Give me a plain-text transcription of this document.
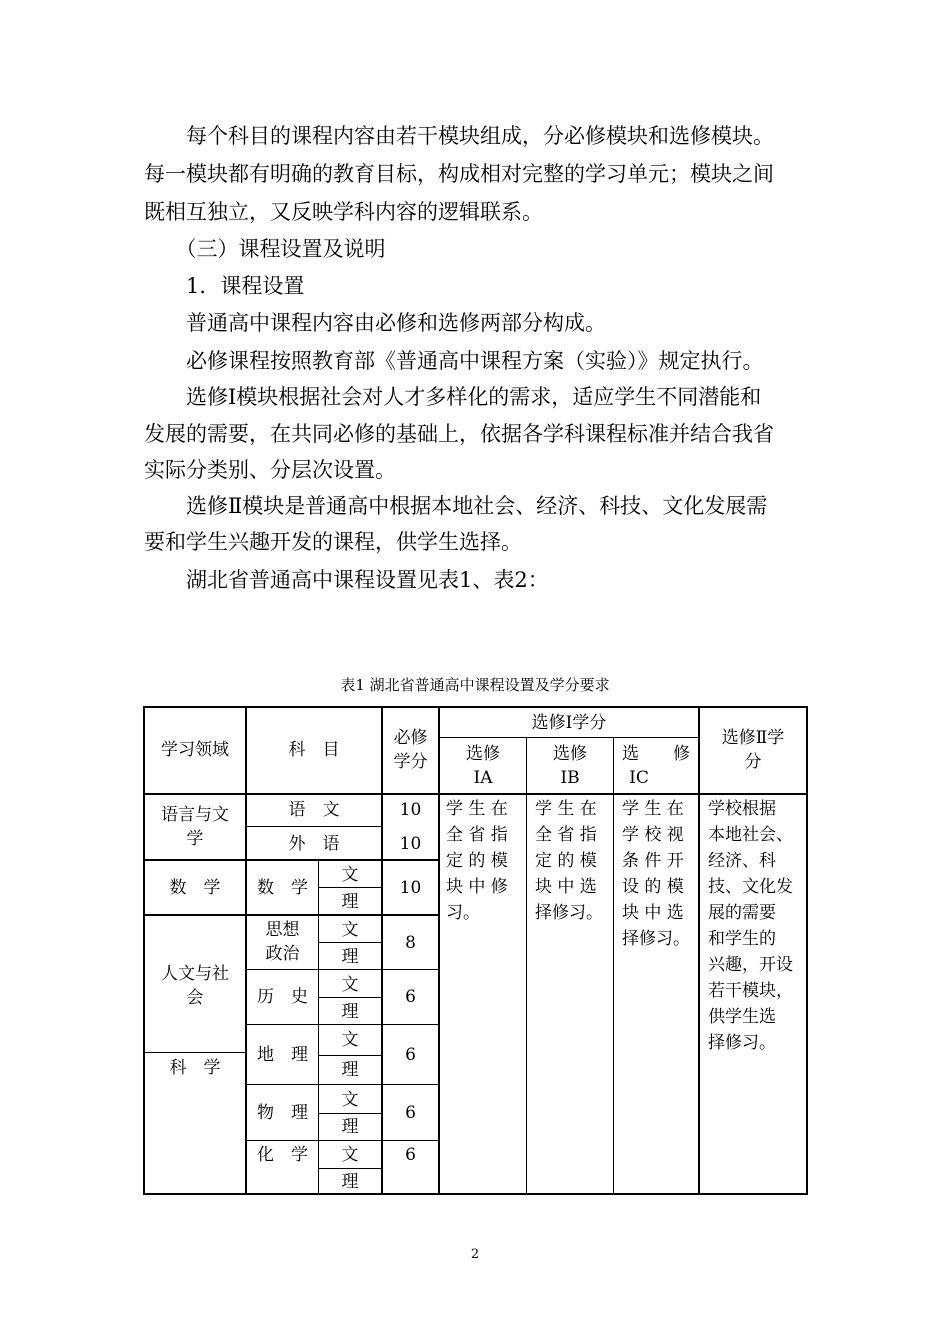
　　每个科目的课程内容由若干模块组成，分必修模块和选修模块。
每一模块都有明确的教育目标，构成相对完整的学习单元；模块之间
既相互独立，又反映学科内容的逻辑联系。
　　（三）课程设置及说明
　　1．课程设置
　　普通高中课程内容由必修和选修两部分构成。
　　必修课程按照教育部《普通高中课程方案（实验）》规定执行。
　　选修Ⅰ模块根据社会对人才多样化的需求，适应学生不同潜能和
发展的需要，在共同必修的基础上，依据各学科课程标准并结合我省
实际分类别、分层次设置。
　　选修Ⅱ模块是普通高中根据本地社会、经济、科技、文化发展需
要和学生兴趣开发的课程，供学生选择。
　　湖北省普通高中课程设置见表1、表2：
表1 湖北省普通高中课程设置及学分要求
学习领域	科　目
必修
学分
选修Ⅰ学分
选修
ⅠA
选修
ⅠB
选　　修
ⅠC
选修Ⅱ学
分
语言与文
学
数　学
人文与社
会
科　学
语　文
外　语
数　学
思想
政治
历　史
地　理
物　理
化　学
文
理
文
理
文
理
文
理
文
理
文
理
10
10
10
8
6
6
6
6
学 生 在
全 省 指
定 的 模
块 中 修
习。
学 生 在
全 省 指
定 的 模
块 中 选
择修习。
学 生 在
学 校 视
条 件 开
设 的 模
块 中 选
择修习。
学校根据
本地社会、
经济、科
技、文化发
展的需要
和学生的
兴趣，开设
若干模块，
供学生选
择修习。
2
